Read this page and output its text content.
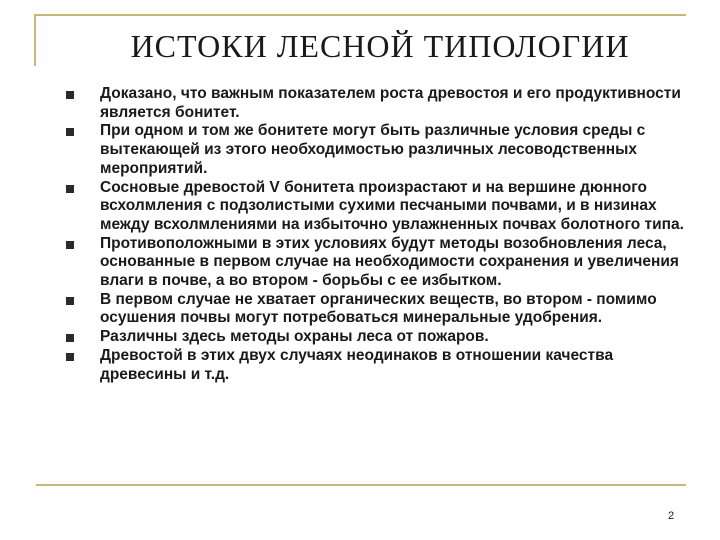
ИСТОКИ ЛЕСНОЙ ТИПОЛОГИИ
Доказано, что важным показателем роста древостоя и его продуктивности является бонитет.
При одном и том же бонитете могут быть различные условия среды с вытекающей из этого необходимостью различных лесоводственных мероприятий.
Сосновые древостой V бонитета произрастают и на вершине дюнного всхолмления с подзолистыми сухими песчаными почвами, и в низинах между всхолмлениями на избыточно увлажненных почвах болотного типа.
Противоположными в этих условиях будут методы возобновления леса, основанные в первом случае на необходимости сохранения и увеличения влаги в почве, а во втором - борьбы с ее избытком.
В первом случае не хватает органических веществ, во втором - помимо осушения почвы могут потребоваться минеральные удобрения.
Различны здесь методы охраны леса от пожаров.
Древостой в этих двух случаях неодинаков в отношении качества древесины и т.д.
2
